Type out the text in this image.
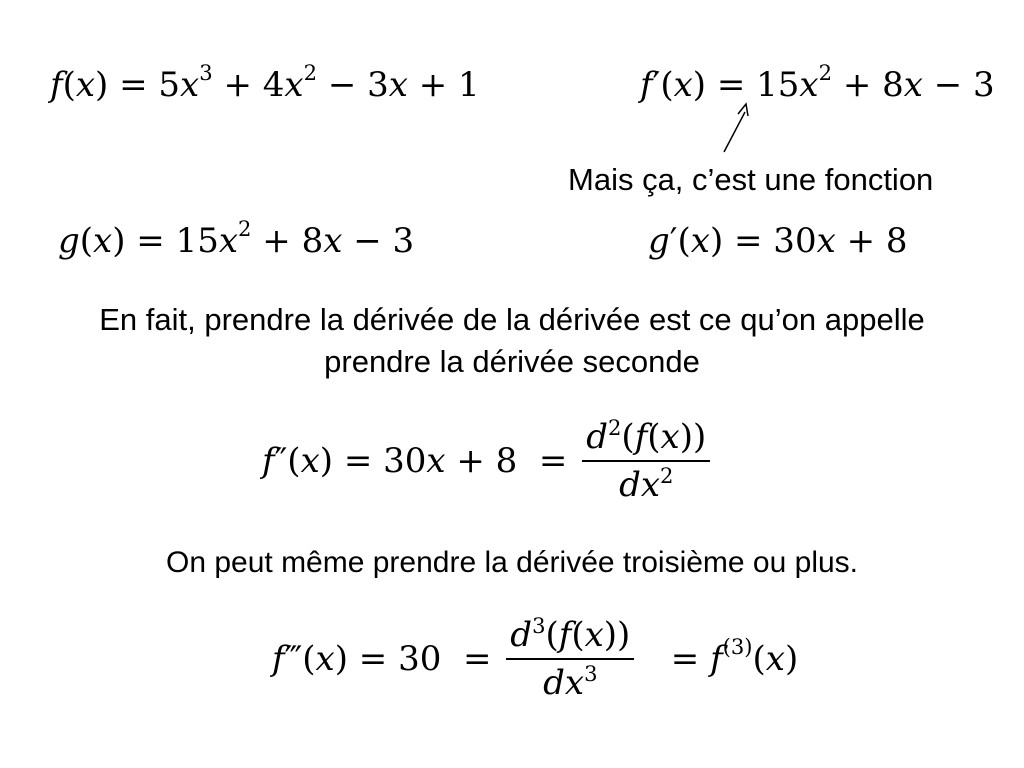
$f(x) = 5x^3 + 4x^2 - 3x + 1$	$f'(x) = 15x^2 + 8x - 3$
Mais ça, c’est une fonction
$g(x) = 15x^2 + 8x - 3$	g′(x) = 30x + 8
En fait, prendre la dérivée de la dérivée est ce qu’on appelle
prendre la dérivée seconde
$f''(x) = 30x + 8 = \frac{d^2(f(x))}{dx^2}$
On peut même prendre la dérivée troisième ou plus.
f‴(x) = $30 = \frac{d^3(f(x))}{dx^3} = f^{(3)}(x)$
